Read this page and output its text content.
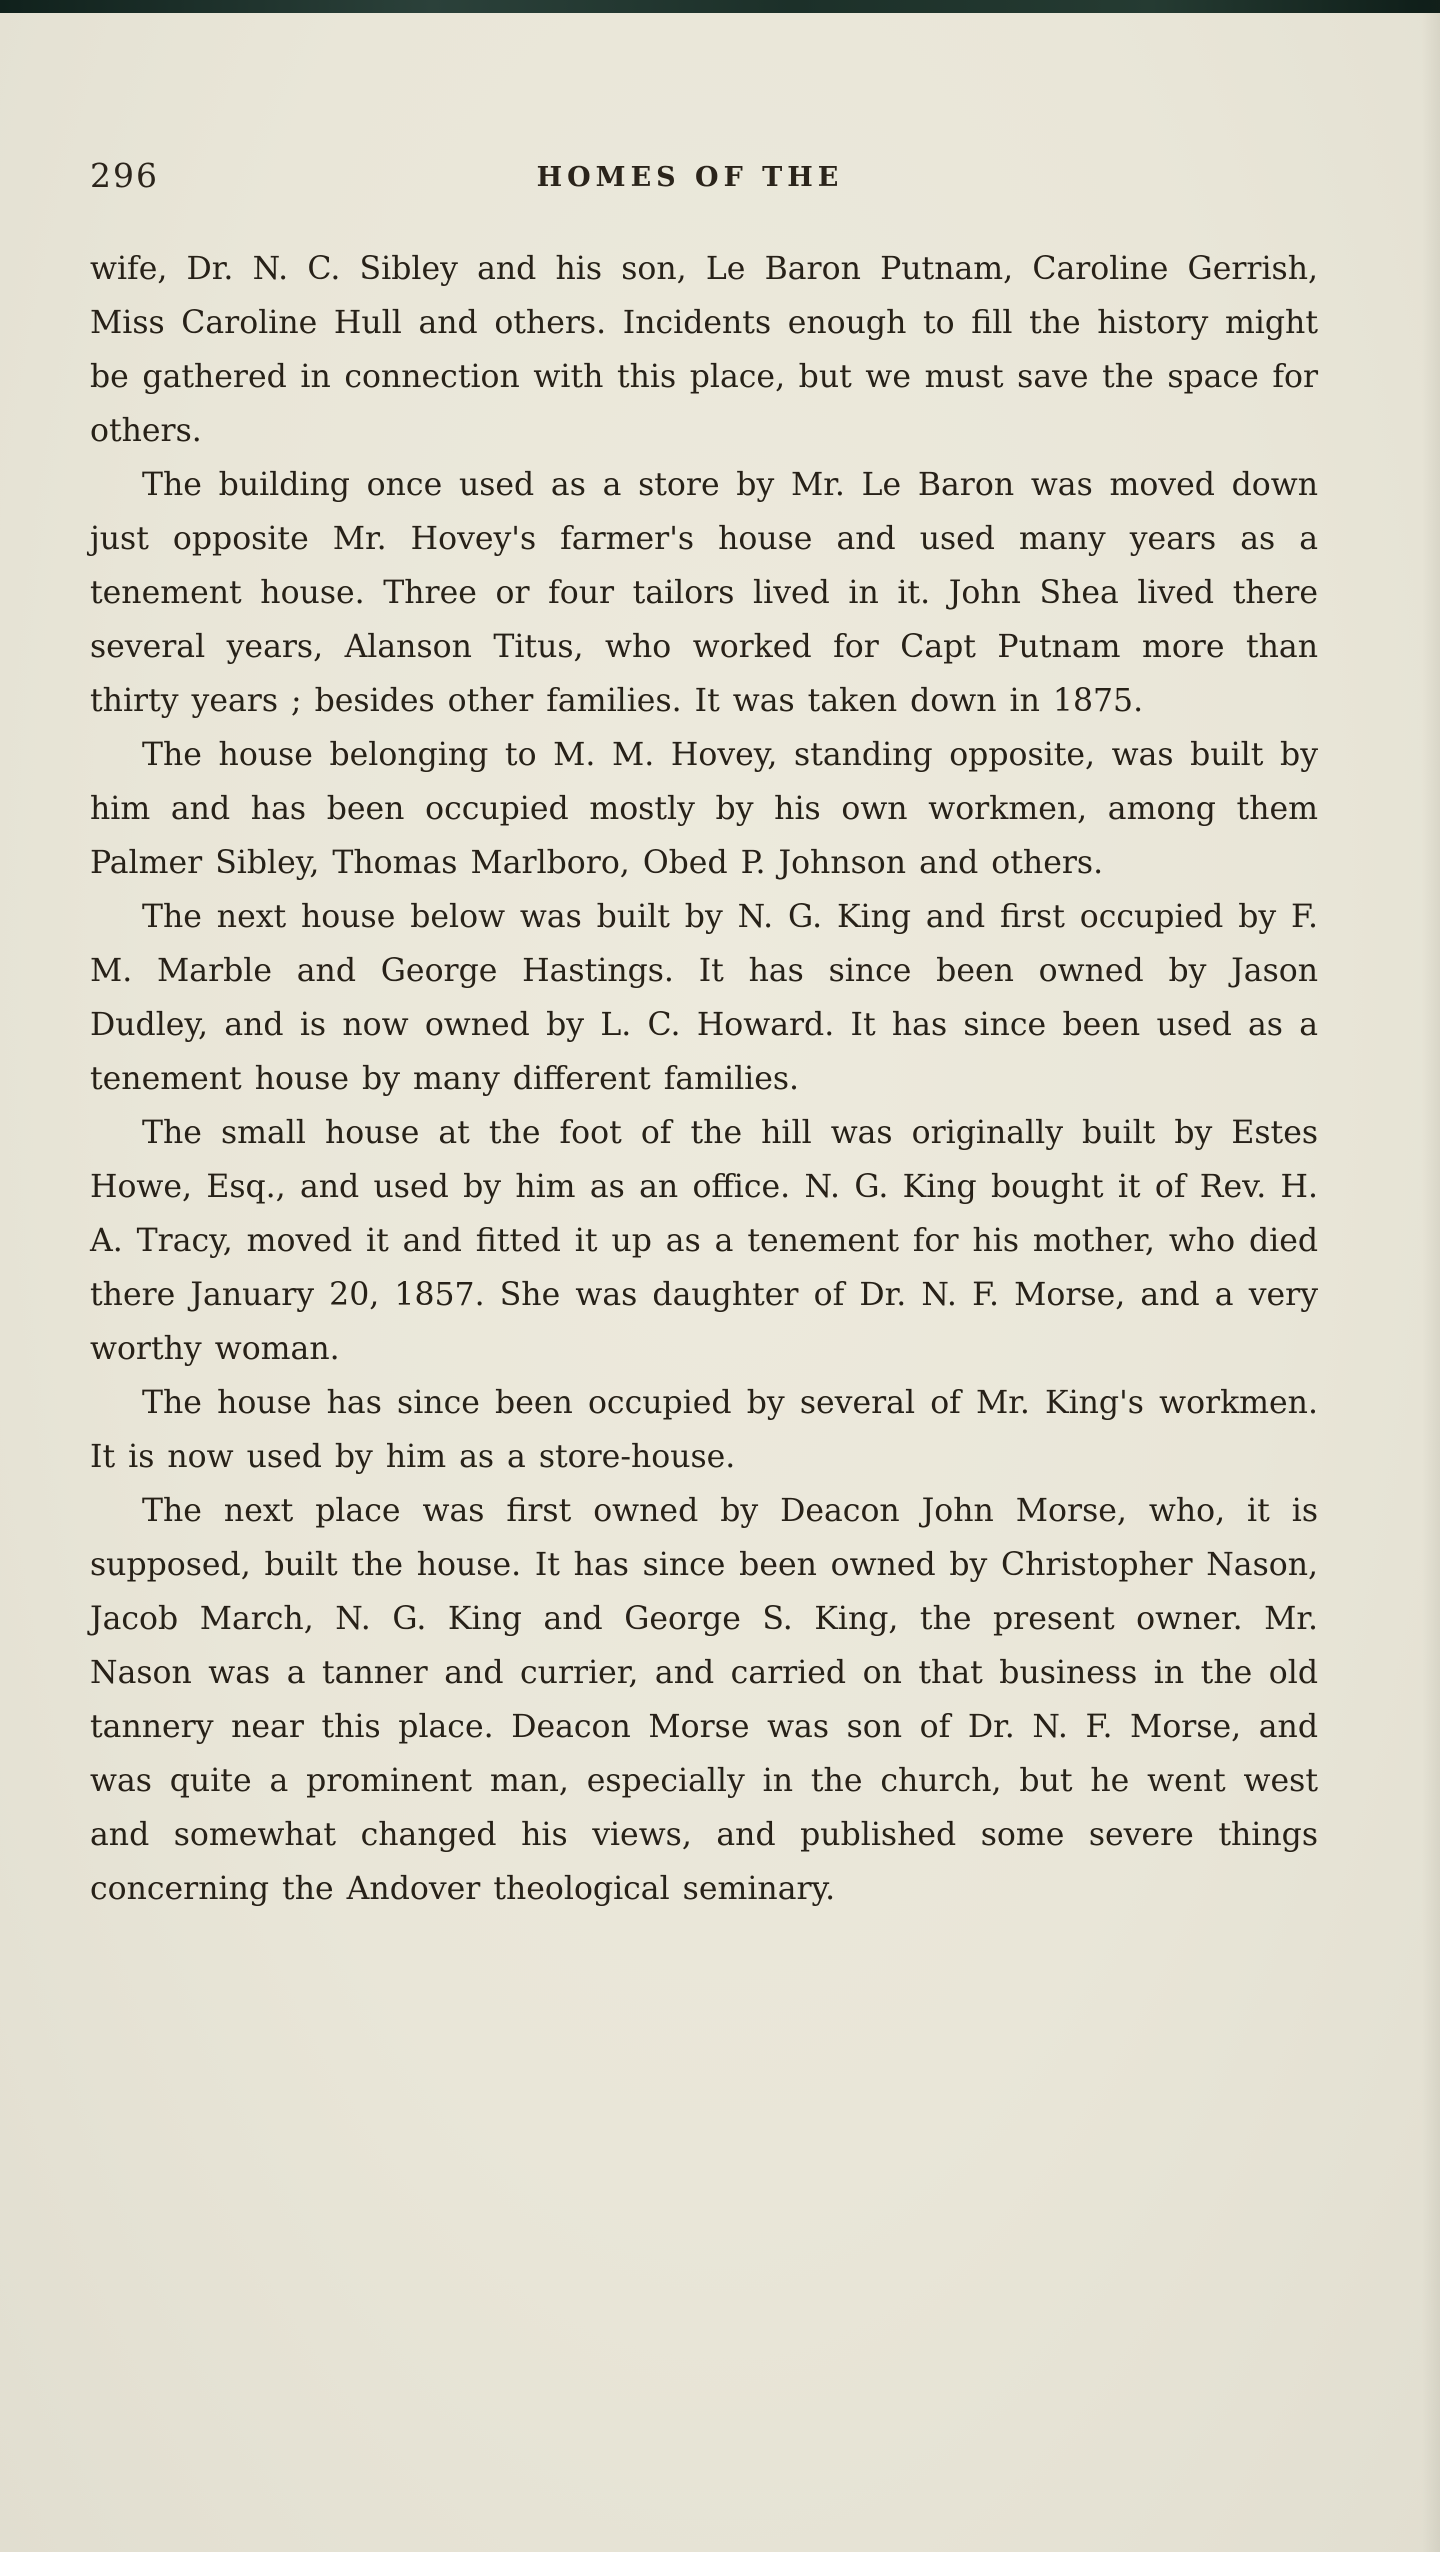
296	HOMES OF THE

wife, Dr. N. C. Sibley and his son, Le Baron Putnam, Caroline Gerrish, Miss Caroline Hull and others. Incidents enough to fill the history might be gathered in connection with this place, but we must save the space for others.

The building once used as a store by Mr. Le Baron was moved down just opposite Mr. Hovey's farmer's house and used many years as a tenement house. Three or four tailors lived in it. John Shea lived there several years, Alanson Titus, who worked for Capt Putnam more than thirty years ; besides other families. It was taken down in 1875.

The house belonging to M. M. Hovey, standing opposite, was built by him and has been occupied mostly by his own workmen, among them Palmer Sibley, Thomas Marlboro, Obed P. Johnson and others.

The next house below was built by N. G. King and first occupied by F. M. Marble and George Hastings. It has since been owned by Jason Dudley, and is now owned by L. C. Howard. It has since been used as a tenement house by many different families.

The small house at the foot of the hill was originally built by Estes Howe, Esq., and used by him as an office. N. G. King bought it of Rev. H. A. Tracy, moved it and fitted it up as a tenement for his mother, who died there January 20, 1857. She was daughter of Dr. N. F. Morse, and a very worthy woman.

The house has since been occupied by several of Mr. King's workmen. It is now used by him as a store-house.

The next place was first owned by Deacon John Morse, who, it is supposed, built the house. It has since been owned by Christopher Nason, Jacob March, N. G. King and George S. King, the present owner. Mr. Nason was a tanner and currier, and carried on that business in the old tannery near this place. Deacon Morse was son of Dr. N. F. Morse, and was quite a prominent man, especially in the church, but he went west and somewhat changed his views, and published some severe things concerning the Andover theological seminary.
